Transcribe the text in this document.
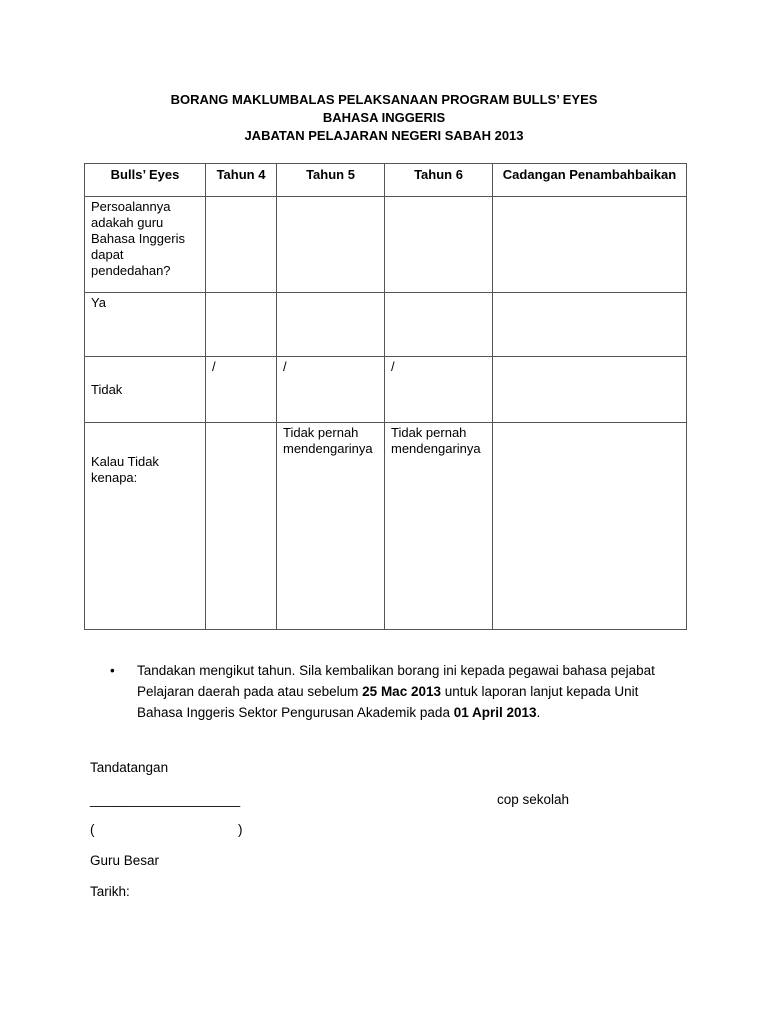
BORANG MAKLUMBALAS PELAKSANAAN PROGRAM BULLS’ EYES
BAHASA INGGERIS
JABATAN PELAJARAN NEGERI SABAH 2013
Bulls’ Eyes	Tahun 4	Tahun 5	Tahun 6	Cadangan Penambahbaikan
Persoalannya adakah guru Bahasa Inggeris dapat pendedahan?				
Ya				
Tidak	/	/	/	

Kalau Tidak kenapa:		Tidak pernah mendengarinya	Tidak pernah mendengarinya	
• Tandakan mengikut tahun. Sila kembalikan borang ini kepada pegawai bahasa pejabat Pelajaran daerah pada atau sebelum 25 Mac 2013 untuk laporan lanjut kepada Unit Bahasa Inggeris Sektor Pengurusan Akademik pada 01 April 2013.

Tandatangan
____________________	cop sekolah
(	)
Guru Besar
Tarikh:
